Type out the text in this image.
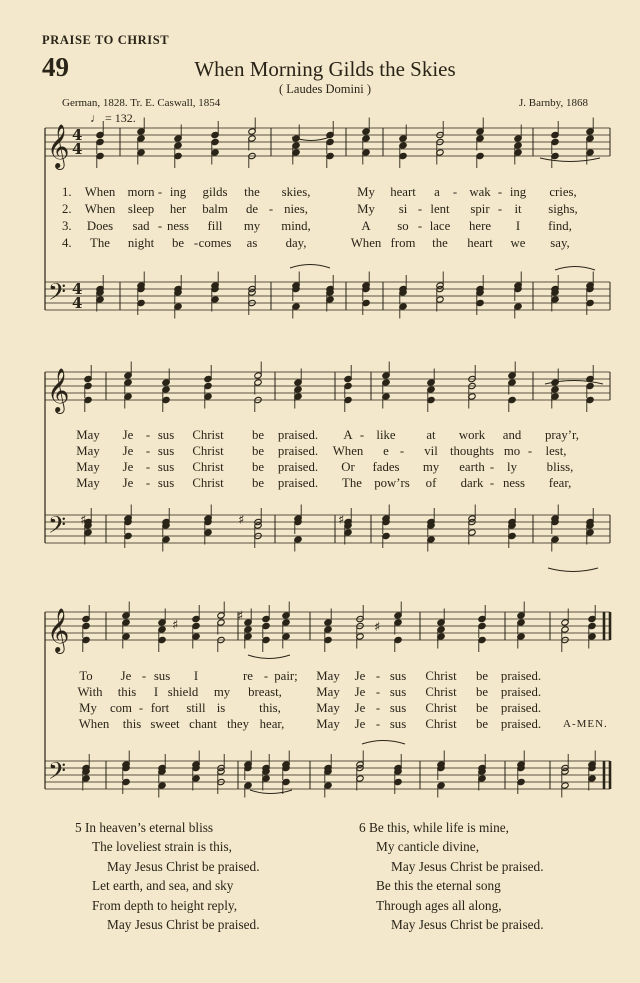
PRAISE TO CHRIST
49	When Morning Gilds the Skies
( Laudes Domini )
German, 1828. Tr. E. Caswall, 1854	J. Barnby, 1868
♩ = 132.
𝄞
𝄢
4
4
4
4
𝄞
𝄢
𝄞
𝄢
♯	♯	♯
♯
♯
♯
1. When morn - ing gilds the skies,	My heart a - wak - ing cries,
2. When sleep her balm de - nies,	My si - lent spir - it sighs,
3. Does sad - ness fill my mind,	A so - lace here I find,
4. The night be - comes as day,	When from the heart we say,
May Je - sus Christ be praised. A - like at work and pray’r,
May Je - sus Christ be praised. When e - vil thoughts mo - lest,
May Je - sus Christ be praised. Or fades my earth - ly bliss,
May Je - sus Christ be praised. The pow’rs of dark - ness fear,
To Je - sus I	re - pair; May Je - sus Christ be praised.
With this I shield my breast,	May Je - sus Christ be praised.
My com - fort still is	this,	May Je - sus Christ be praised.
When this sweet chant they hear, May Je - sus Christ be praised. A-MEN.
5 In heaven’s eternal bliss
The loveliest strain is this,
May Jesus Christ be praised.
Let earth, and sea, and sky
From depth to height reply,
May Jesus Christ be praised.
6 Be this, while life is mine,
My canticle divine,
May Jesus Christ be praised.
Be this the eternal song
Through ages all along,
May Jesus Christ be praised.
